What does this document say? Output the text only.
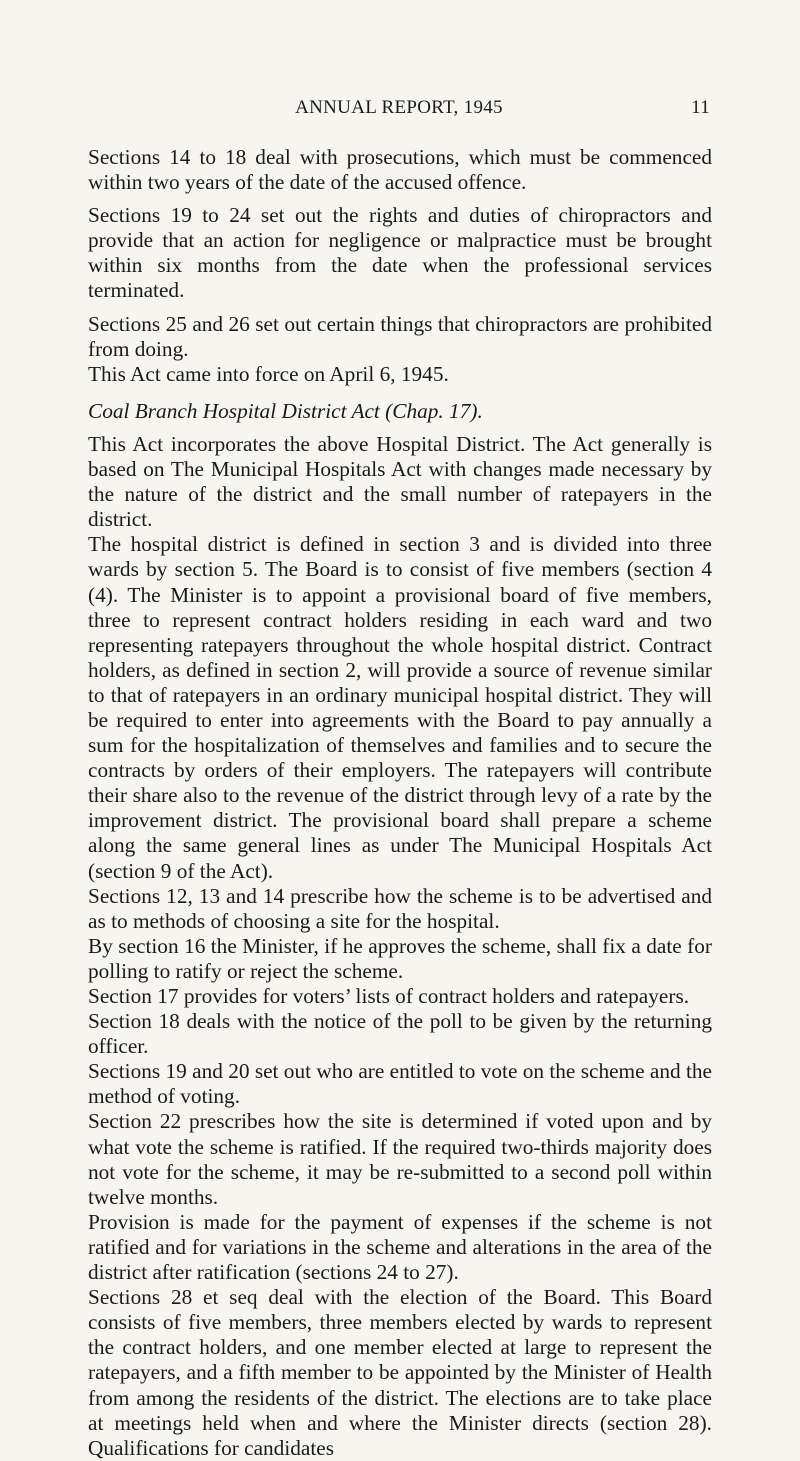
ANNUAL REPORT, 1945	11

Sections 14 to 18 deal with prosecutions, which must be commenced within two years of the date of the accused offence.

Sections 19 to 24 set out the rights and duties of chiropractors and provide that an action for negligence or malpractice must be brought within six months from the date when the professional services terminated.

Sections 25 and 26 set out certain things that chiropractors are prohibited from doing.

This Act came into force on April 6, 1945.

Coal Branch Hospital District Act (Chap. 17).

This Act incorporates the above Hospital District. The Act generally is based on The Municipal Hospitals Act with changes made necessary by the nature of the district and the small number of ratepayers in the district.

The hospital district is defined in section 3 and is divided into three wards by section 5. The Board is to consist of five members (section 4 (4). The Minister is to appoint a provisional board of five members, three to represent contract holders residing in each ward and two representing ratepayers throughout the whole hospital district. Contract holders, as defined in section 2, will provide a source of revenue similar to that of ratepayers in an ordinary municipal hospital district. They will be required to enter into agreements with the Board to pay annually a sum for the hospitalization of themselves and families and to secure the contracts by orders of their employers. The ratepayers will contribute their share also to the revenue of the district through levy of a rate by the improvement district. The provisional board shall prepare a scheme along the same general lines as under The Municipal Hospitals Act (section 9 of the Act).

Sections 12, 13 and 14 prescribe how the scheme is to be advertised and as to methods of choosing a site for the hospital.

By section 16 the Minister, if he approves the scheme, shall fix a date for polling to ratify or reject the scheme.

Section 17 provides for voters’ lists of contract holders and ratepayers.

Section 18 deals with the notice of the poll to be given by the returning officer.

Sections 19 and 20 set out who are entitled to vote on the scheme and the method of voting.

Section 22 prescribes how the site is determined if voted upon and by what vote the scheme is ratified. If the required two-thirds majority does not vote for the scheme, it may be re-submitted to a second poll within twelve months.

Provision is made for the payment of expenses if the scheme is not ratified and for variations in the scheme and alterations in the area of the district after ratification (sections 24 to 27).

Sections 28 et seq deal with the election of the Board. This Board consists of five members, three members elected by wards to represent the contract holders, and one member elected at large to represent the ratepayers, and a fifth member to be appointed by the Minister of Health from among the residents of the district. The elections are to take place at meetings held when and where the Minister directs (section 28). Qualifications for candidates
